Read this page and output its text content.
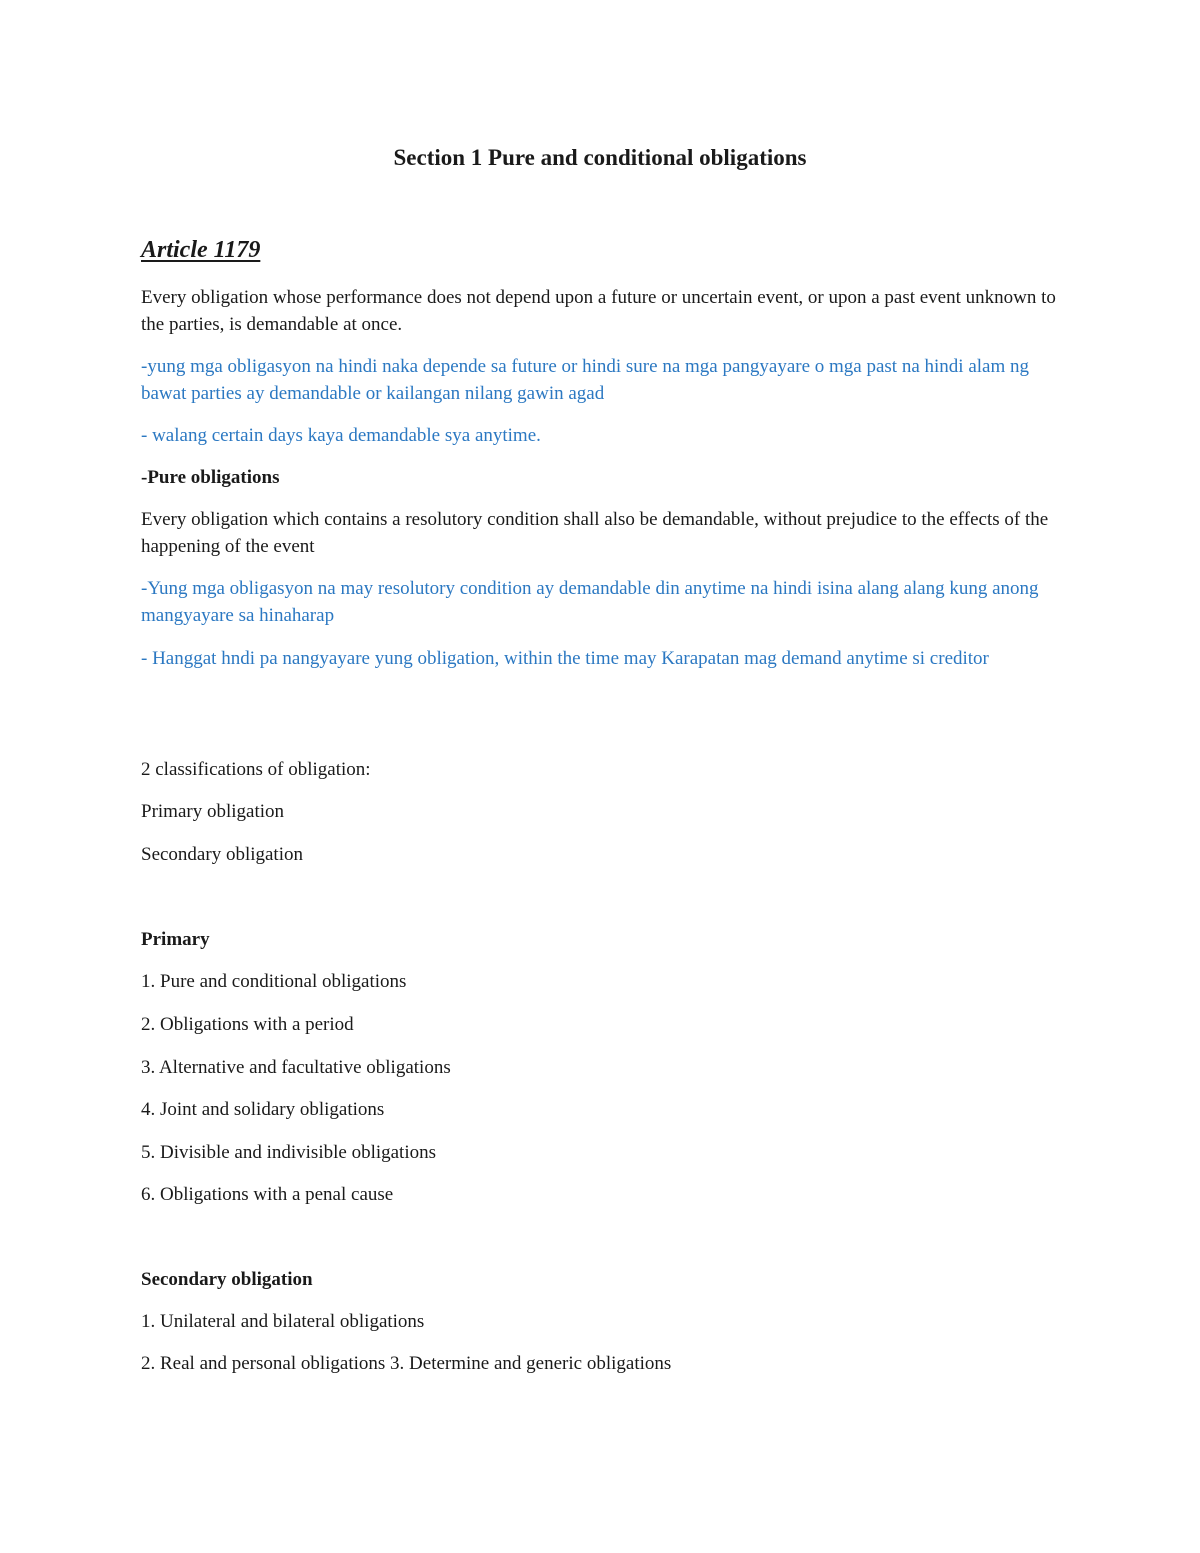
Section 1 Pure and conditional obligations
Article 1179

Every obligation whose performance does not depend upon a future or uncertain event, or upon a past event unknown to the parties, is demandable at once.

-yung mga obligasyon na hindi naka depende sa future or hindi sure na mga pangyayare o mga past na hindi alam ng bawat parties ay demandable or kailangan nilang gawin agad

- walang certain days kaya demandable sya anytime.

-Pure obligations

Every obligation which contains a resolutory condition shall also be demandable, without prejudice to the effects of the happening of the event

-Yung mga obligasyon na may resolutory condition ay demandable din anytime na hindi isina alang alang kung anong mangyayare sa hinaharap

- Hanggat hndi pa nangyayare yung obligation, within the time may Karapatan mag demand anytime si creditor

2 classifications of obligation:

Primary obligation

Secondary obligation

Primary

1. Pure and conditional obligations

2. Obligations with a period

3. Alternative and facultative obligations

4. Joint and solidary obligations

5. Divisible and indivisible obligations

6. Obligations with a penal cause

Secondary obligation

1. Unilateral and bilateral obligations

2. Real and personal obligations 3. Determine and generic obligations
